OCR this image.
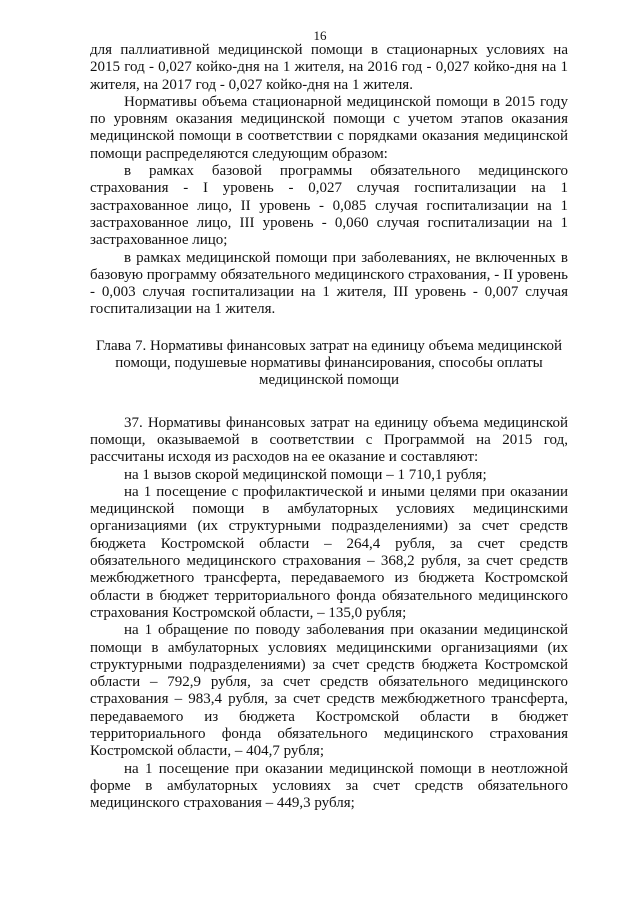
16

для паллиативной медицинской помощи в стационарных условиях на 2015 год - 0,027 койко-дня на 1 жителя, на 2016 год - 0,027 койко-дня на 1 жителя, на 2017 год - 0,027 койко-дня на 1 жителя.

Нормативы объема стационарной медицинской помощи в 2015 году по уровням оказания медицинской помощи с учетом этапов оказания медицинской помощи в соответствии с порядками оказания медицинской помощи распределяются следующим образом:

в рамках базовой программы обязательного медицинского страхования - I уровень - 0,027 случая госпитализации на 1 застрахованное лицо, II уровень - 0,085 случая госпитализации на 1 застрахованное лицо, III уровень - 0,060 случая госпитализации на 1 застрахованное лицо;

в рамках медицинской помощи при заболеваниях, не включенных в базовую программу обязательного медицинского страхования, - II уровень - 0,003 случая госпитализации на 1 жителя, III уровень - 0,007 случая госпитализации на 1 жителя.

Глава 7. Нормативы финансовых затрат на единицу объема медицинской помощи, подушевые нормативы финансирования, способы оплаты медицинской помощи

37. Нормативы финансовых затрат на единицу объема медицинской помощи, оказываемой в соответствии с Программой на 2015 год, рассчитаны исходя из расходов на ее оказание и составляют:

на 1 вызов скорой медицинской помощи – 1 710,1 рубля;

на 1 посещение с профилактической и иными целями при оказании медицинской помощи в амбулаторных условиях медицинскими организациями (их структурными подразделениями) за счет средств бюджета Костромской области – 264,4 рубля, за счет средств обязательного медицинского страхования – 368,2 рубля, за счет средств межбюджетного трансферта, передаваемого из бюджета Костромской области в бюджет территориального фонда обязательного медицинского страхования Костромской области, – 135,0 рубля;

на 1 обращение по поводу заболевания при оказании медицинской помощи в амбулаторных условиях медицинскими организациями (их структурными подразделениями) за счет средств бюджета Костромской области – 792,9 рубля, за счет средств обязательного медицинского страхования – 983,4 рубля, за счет средств межбюджетного трансферта, передаваемого из бюджета Костромской области в бюджет территориального фонда обязательного медицинского страхования Костромской области, – 404,7 рубля;

на 1 посещение при оказании медицинской помощи в неотложной форме в амбулаторных условиях за счет средств обязательного медицинского страхования – 449,3 рубля;
